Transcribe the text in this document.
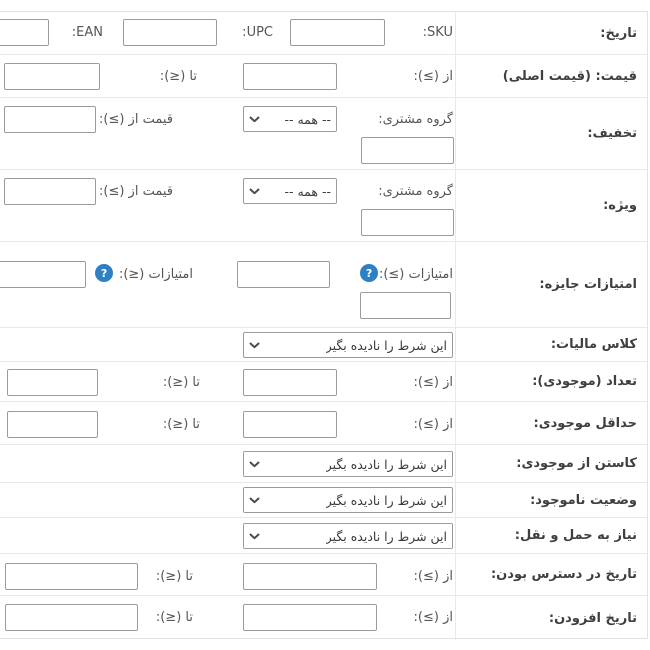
SKU:
UPC:
EAN:	تاریخ:
از (≥):
تا (≤):	قیمت: (قیمت اصلی)
گروه مشتری:
-- همه --
قیمت از (≥):
تخفیف:
گروه مشتری:
-- همه --
قیمت از (≥):
ویژه:
امتیازات (≥):
?
امتیازات (≤):
?
امتیازات جایزه:
این شرط را نادیده بگیر	کلاس مالیات:
از (≥):
تا (≤):	تعداد (موجودی):
از (≥):
تا (≤):	حداقل موجودی:
این شرط را نادیده بگیر	کاستن از موجودی:
این شرط را نادیده بگیر	وضعیت ناموجود:
این شرط را نادیده بگیر	نیاز به حمل و نقل:
از (≥):
تا (≤):	تاریخ در دسترس بودن:
از (≥):
تا (≤):	تاریخ افزودن:
